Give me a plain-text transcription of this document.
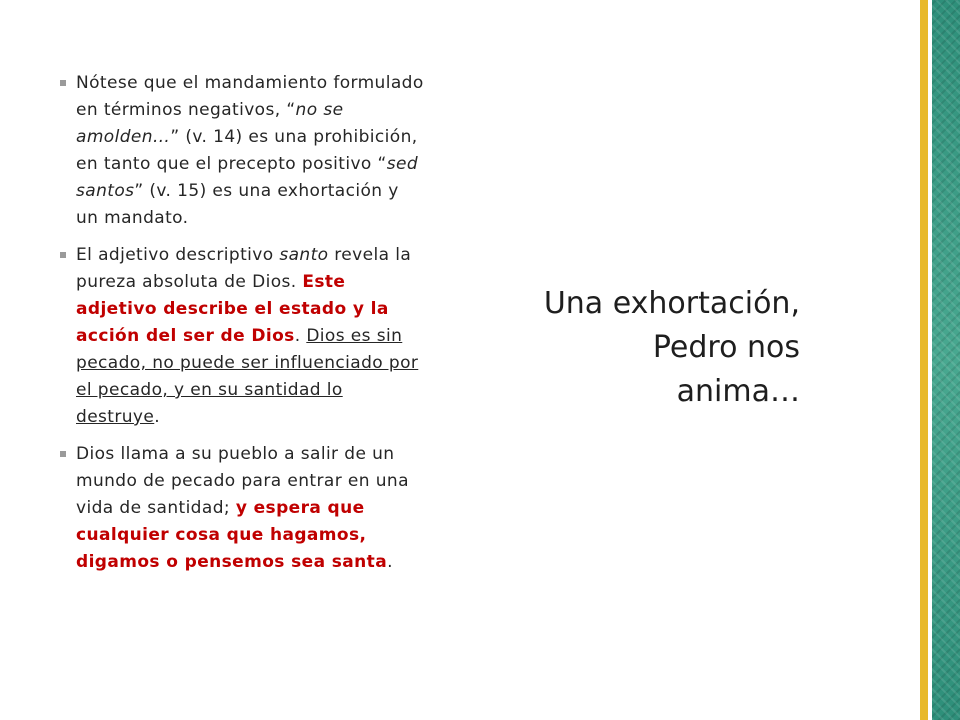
Nótese que el mandamiento formulado en términos negativos, “no se amolden…” (v. 14) es una prohibición, en tanto que el precepto positivo “sed santos” (v. 15) es una exhortación y un mandato.
El adjetivo descriptivo santo revela la pureza absoluta de Dios. Este adjetivo describe el estado y la acción del ser de Dios. Dios es sin pecado, no puede ser influenciado por el pecado, y en su santidad lo destruye.
Dios llama a su pueblo a salir de un mundo de pecado para entrar en una vida de santidad; y espera que cualquier cosa que hagamos, digamos o pensemos sea santa.
Una exhortación,
Pedro nos
anima…
